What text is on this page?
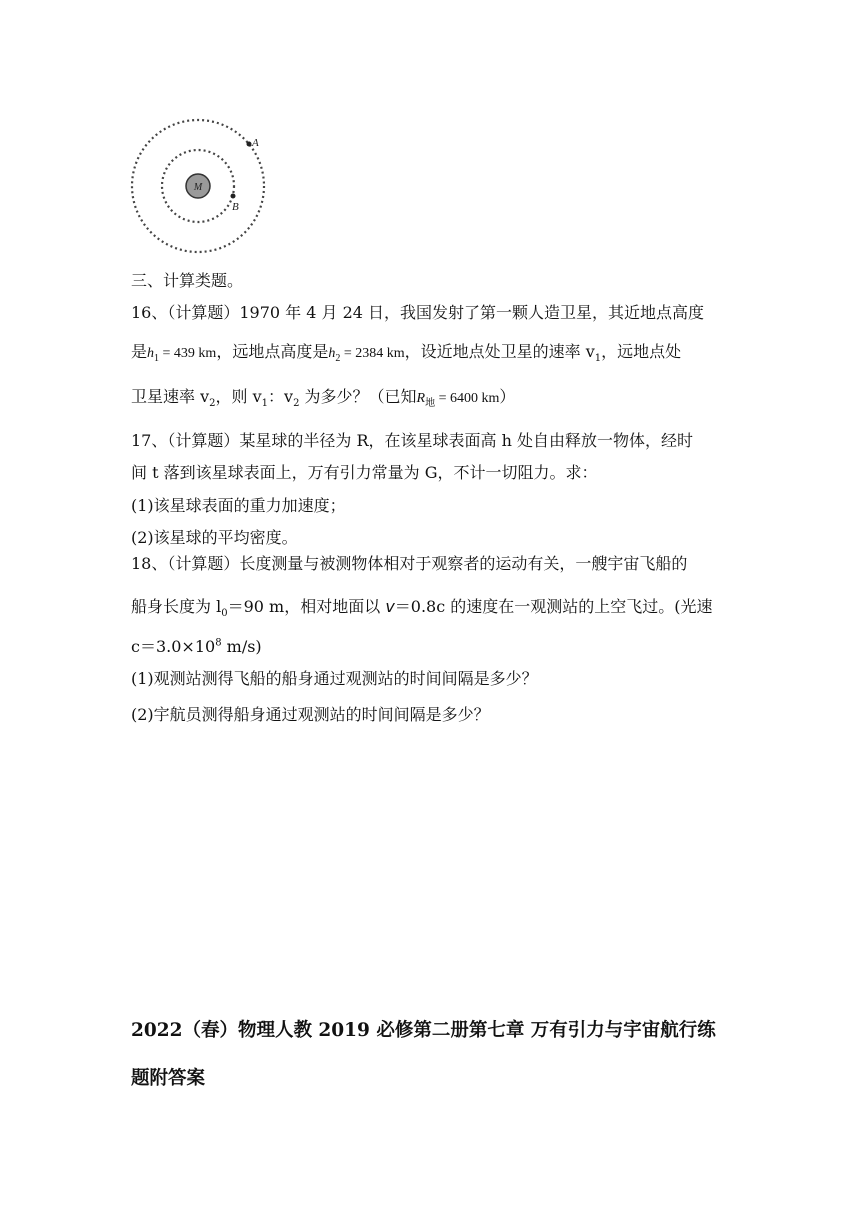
M
A
B
三、计算类题。
16、（计算题）1970 年 4 月 24 日，我国发射了第一颗人造卫星，其近地点高度
是$h_1 = 439$ km，远地点高度是$h_2 = 2384$ km，设近地点处卫星的速率 $v_1$，远地点处
卫星速率 $v_2$，则 $v_1$：$v_2$ 为多少？（已知$R_地 = 6400$ km）
17、（计算题）某星球的半径为 R，在该星球表面高 h 处自由释放一物体，经时
间 t 落到该星球表面上，万有引力常量为 G，不计一切阻力。求：
(1)该星球表面的重力加速度；
(2)该星球的平均密度。
18、（计算题）长度测量与被测物体相对于观察者的运动有关，一艘宇宙飞船的
船身长度为 $l_0=90$ m，相对地面以 v＝0.8c 的速度在一观测站的上空飞过。(光速
$c=3.0\times 10^8$ m/s)
(1)观测站测得飞船的船身通过观测站的时间间隔是多少？
(2)宇航员测得船身通过观测站的时间间隔是多少？
2022（春）物理人教 2019 必修第二册第七章 万有引力与宇宙航行练
题附答案
